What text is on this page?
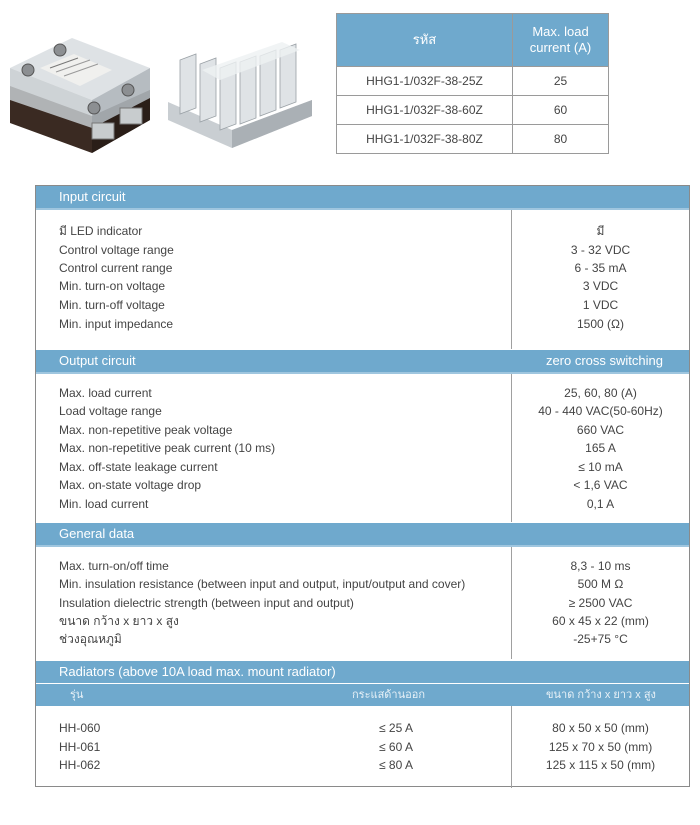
รหัส	Max. load current (A)
HHG1-1/032F-38-25Z	25
HHG1-1/032F-38-60Z	60
HHG1-1/032F-38-80Z	80
Input circuit
มี LED indicator	มี
Control voltage range	3 - 32 VDC
Control current range	6 - 35 mA
Min. turn-on voltage	3 VDC
Min. turn-off voltage	1 VDC
Min. input impedance	1500 (Ω)
Output circuit	zero cross switching
Max. load current	25, 60, 80 (A)
Load voltage range	40 - 440 VAC(50-60Hz)
Max. non-repetitive peak voltage	660 VAC
Max. non-repetitive peak current (10 ms)	165 A
Max. off-state leakage current	≤ 10 mA
Max. on-state voltage drop	< 1,6 VAC
Min. load current	0,1 A
General data
Max. turn-on/off time	8,3 - 10 ms
Min. insulation resistance (between input and output, input/output and cover)	500 M Ω
Insulation dielectric strength (between input and output)	≥ 2500 VAC
ขนาด กว้าง x ยาว x สูง	60 x 45 x 22 (mm)
ช่วงอุณหภูมิ	-25+75 °C
Radiators (above 10A load max. mount radiator)
รุ่น	กระแสด้านออก	ขนาด กว้าง x ยาว x สูง
HH-060	≤ 25 A	80 x 50 x 50 (mm)
HH-061	≤ 60 A	125 x 70 x 50 (mm)
HH-062	≤ 80 A	125 x 115 x 50 (mm)
